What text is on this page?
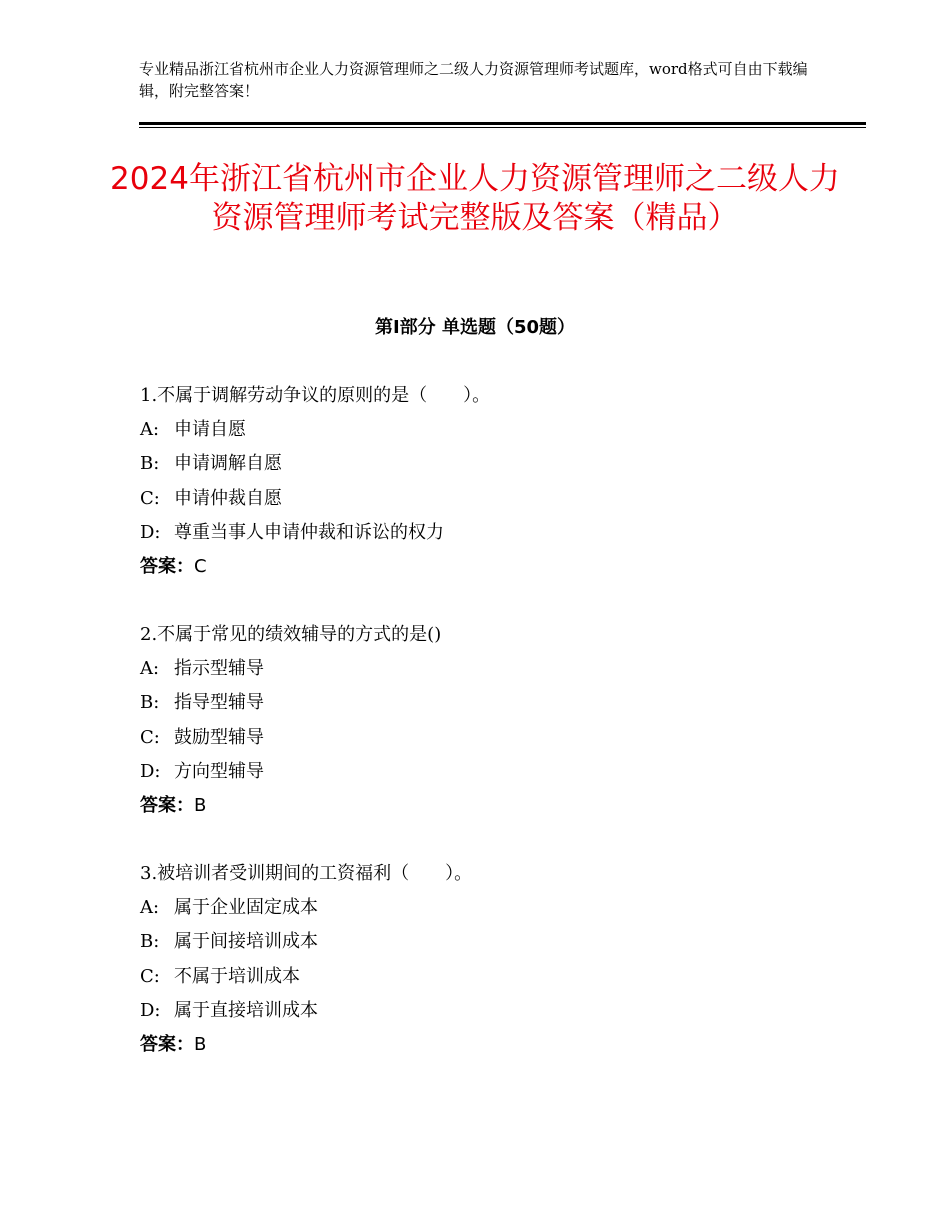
专业精品浙江省杭州市企业人力资源管理师之二级人力资源管理师考试题库，word格式可自由下载编辑，附完整答案！
2024年浙江省杭州市企业人力资源管理师之二级人力资源管理师考试完整版及答案（精品）
第Ⅰ部分 单选题（50题）
1.不属于调解劳动争议的原则的是（　　）。
A: 申请自愿
B: 申请调解自愿
C: 申请仲裁自愿
D: 尊重当事人申请仲裁和诉讼的权力
答案：C
2.不属于常见的绩效辅导的方式的是()
A: 指示型辅导
B: 指导型辅导
C: 鼓励型辅导
D: 方向型辅导
答案：B
3.被培训者受训期间的工资福利（　　）。
A: 属于企业固定成本
B: 属于间接培训成本
C: 不属于培训成本
D: 属于直接培训成本
答案：B
